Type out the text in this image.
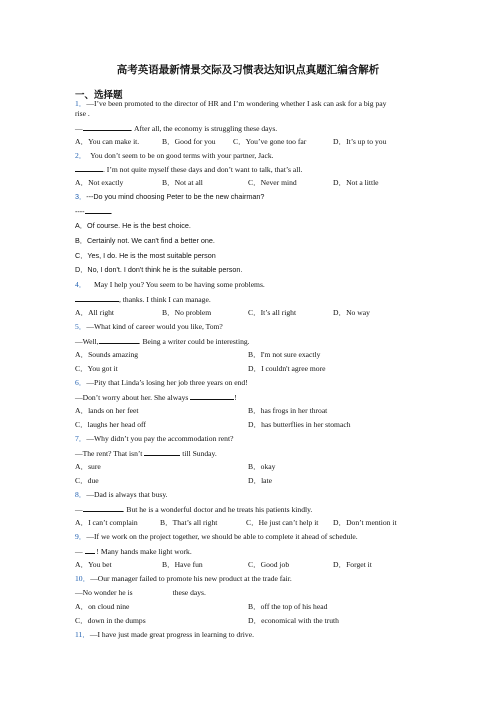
高考英语最新情景交际及习惯表达知识点真题汇编含解析
一、选择题
1．—I’ve been promoted to the director of HR and I’m wondering whether I ask can ask for a big pay
rise .
—	. After all, the economy is struggling these days.
A．You can make it.	B．Good for you C．You’ve gone too far	D．It’s up to you
2． You don’t seem to be on good terms with your partner, Jack.
. I’m not quite myself these days and don’t want to talk, that’s all.
A．Not exactly	B．Not at all	C．Never mind	D．Not a little
3．---Do you mind choosing Peter to be the new chairman?
----	.
A．Of course. He is the best choice.
B．Certainly not. We can't find a better one.
C．Yes, I do. He is the most suitable person
D．No, I don't. I don't think he is the suitable person.
4． May I help you? You seem to be having some problems.
, thanks. I think I can manage.
A．All right	B．No problem	C．It’s all right	D．No way
5．—What kind of career would you like, Tom?
—Well,	. Being a writer could be interesting.
A．Sounds amazing	B．I'm not sure exactly
C．You got it	D．I couldn't agree more
6．—Pity that Linda’s losing her job three years on end!
—Don’t worry about her. She always	!
A．lands on her feet	B．has frogs in her throat
C．laughs her head off	D．has butterflies in her stomach
7．—Why didn’t you pay the accommodation rent?
—The rent? That isn’t	till Sunday.
A．sure	B．okay
C．due	D．late
8．—Dad is always that busy.
—	. But he is a wonderful doctor and he treats his patients kindly.
A．I can’t complain	B．That’s all right	C．He just can’t help it D．Don’t mention it
9．—If we work on the project together, we should be able to complete it ahead of schedule.
— ! Many hands make light work.
A．You bet	B．Have fun	C．Good job	D．Forget it
10．—Our manager failed to promote his new product at the trade fair.
—No wonder he is	these days.
A．on cloud nine	B．off the top of his head
C．down in the dumps	D．economical with the truth
11．—I have just made great progress in learning to drive.
